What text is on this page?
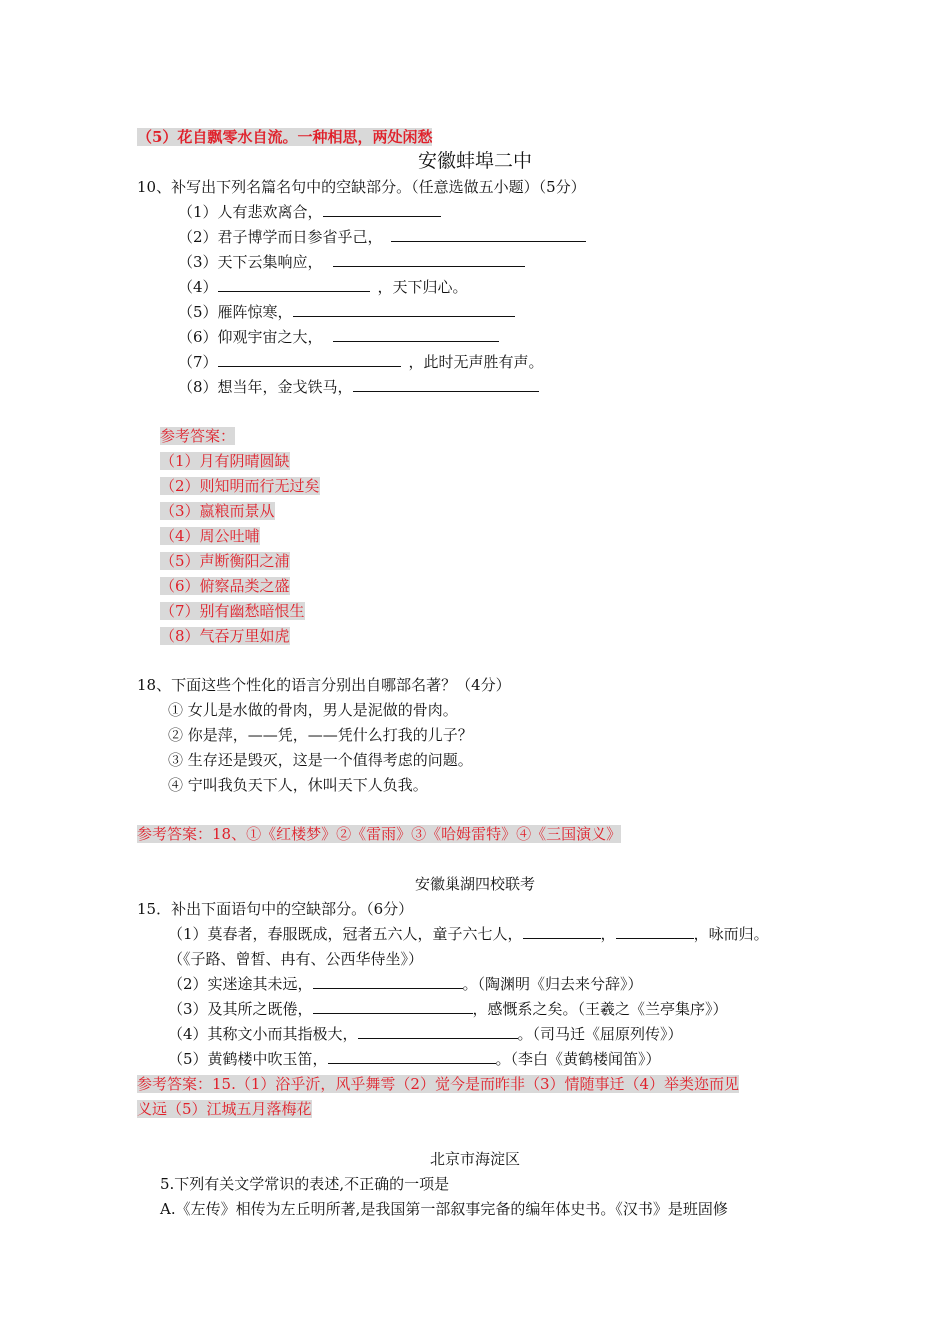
（5）花自飘零水自流。一种相思，两处闲愁
安徽蚌埠二中
10、补写出下列名篇名句中的空缺部分。（任意选做五小题）（5分）
（1）人有悲欢离合，
（2）君子博学而日参省乎己，
（3）天下云集响应，
（4）	，天下归心。
（5）雁阵惊寒，
（6）仰观宇宙之大，
（7）	，此时无声胜有声。
（8）想当年，金戈铁马，
参考答案：
（1）月有阴晴圆缺
（2）则知明而行无过矣
（3）嬴粮而景从
（4）周公吐哺
（5）声断衡阳之浦
（6）俯察品类之盛
（7）别有幽愁暗恨生
（8）气吞万里如虎
18、下面这些个性化的语言分别出自哪部名著？（4分）
① 女儿是水做的骨肉，男人是泥做的骨肉。
② 你是萍，——凭，——凭什么打我的儿子？
③ 生存还是毁灭，这是一个值得考虑的问题。
④ 宁叫我负天下人，休叫天下人负我。
参考答案：18、①《红楼梦》②《雷雨》③《哈姆雷特》④《三国演义》
安徽巢湖四校联考
15．补出下面语句中的空缺部分。（6分）
（1）莫春者，春服既成，冠者五六人，童子六七人，	，	，咏而归。
（《子路、曾皙、冉有、公西华侍坐》）
（2）实迷途其未远，	。（陶渊明《归去来兮辞》）
（3）及其所之既倦，	，感慨系之矣。（王羲之《兰亭集序》）
（4）其称文小而其指极大，	。（司马迁《屈原列传》）
（5）黄鹤楼中吹玉笛，	。（李白《黄鹤楼闻笛》）
参考答案：15.（1）浴乎沂，风乎舞雩（2）觉今是而昨非（3）情随事迁（4）举类迩而见
义远（5）江城五月落梅花
北京市海淀区
5.下列有关文学常识的表述,不正确的一项是
A.《左传》相传为左丘明所著,是我国第一部叙事完备的编年体史书。《汉书》是班固修
